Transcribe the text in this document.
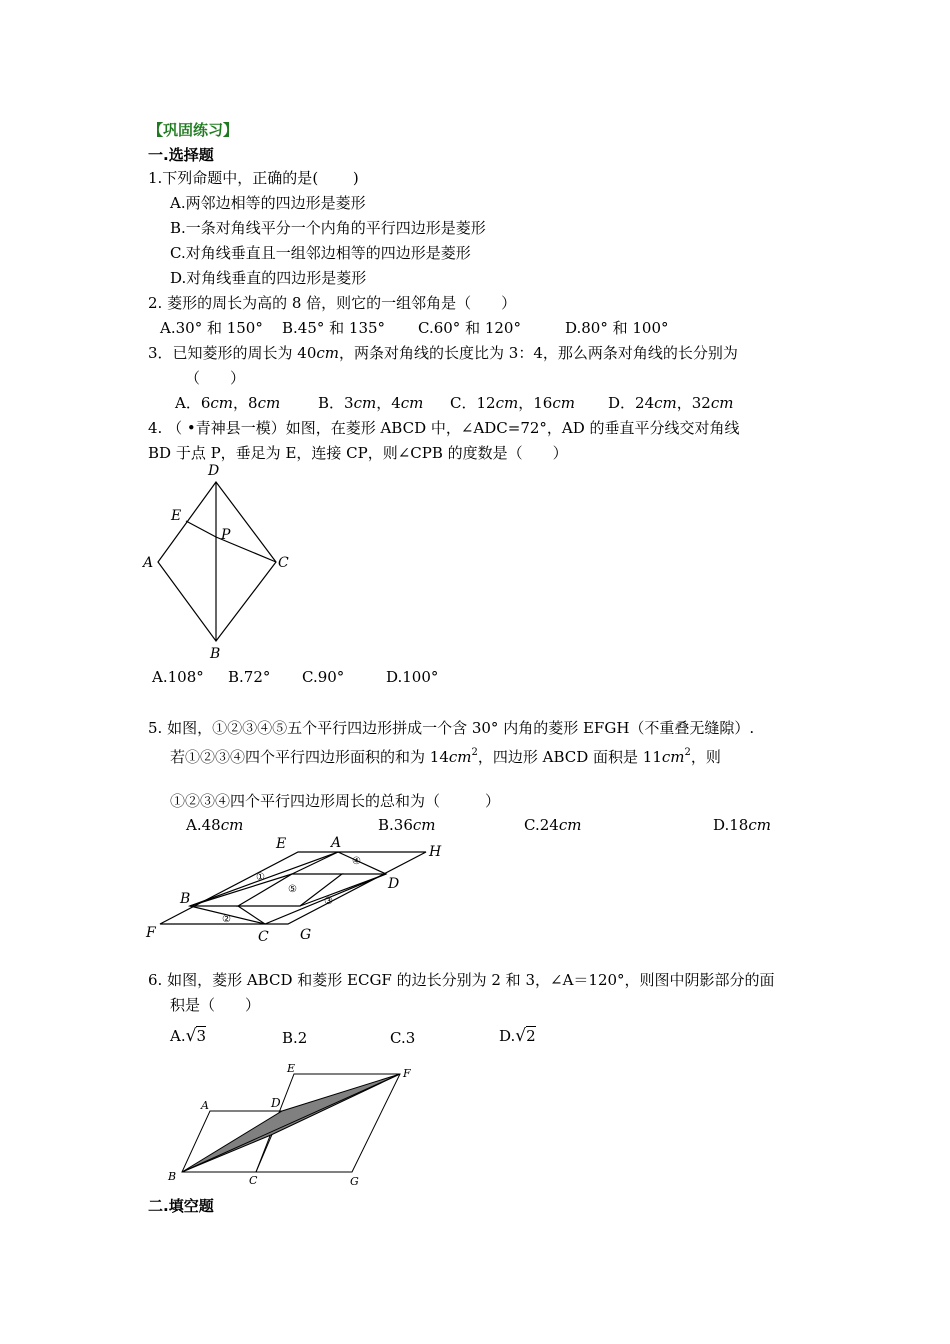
【巩固练习】
一.选择题
1.下列命题中，正确的是(　　 )
A.两邻边相等的四边形是菱形
B.一条对角线平分一个内角的平行四边形是菱形
C.对角线垂直且一组邻边相等的四边形是菱形
D.对角线垂直的四边形是菱形
2. 菱形的周长为高的 8 倍，则它的一组邻角是（　　）
A.30° 和 150° B.45° 和 135° C.60° 和 120°	D.80° 和 100°
3．已知菱形的周长为 40cm，两条对角线的长度比为 3：4，那么两条对角线的长分别为
（　　）
A．6cm，8cm	B．3cm，4cm C．12cm，16cm D．24cm，32cm
4. （ •青神县一模）如图，在菱形 ABCD 中，∠ADC=72°，AD 的垂直平分线交对角线
BD 于点 P，垂足为 E，连接 CP，则∠CPB 的度数是（　　）
D
E
P
A	C
B
A.108° B.72° C.90°	D.100°
5. 如图，①②③④⑤五个平行四边形拼成一个含 30° 内角的菱形 EFGH（不重叠无缝隙）.
若①②③④四个平行四边形面积的和为 $14cm^2$，四边形 ABCD 面积是 $11cm^2$，则
①②③④四个平行四边形周长的总和为（　　　）
A.48cm	B.36cm	C.24cm	D.18cm
E	A
H
D
B
F	C G
①
②
③
④
⑤
6. 如图，菱形 ABCD 和菱形 ECGF 的边长分别为 2 和 3，∠A＝120°，则图中阴影部分的面
积是（　　）
A.√3	B.2	C.3	D.√2
E	F
A	D
B	C	G
二.填空题
